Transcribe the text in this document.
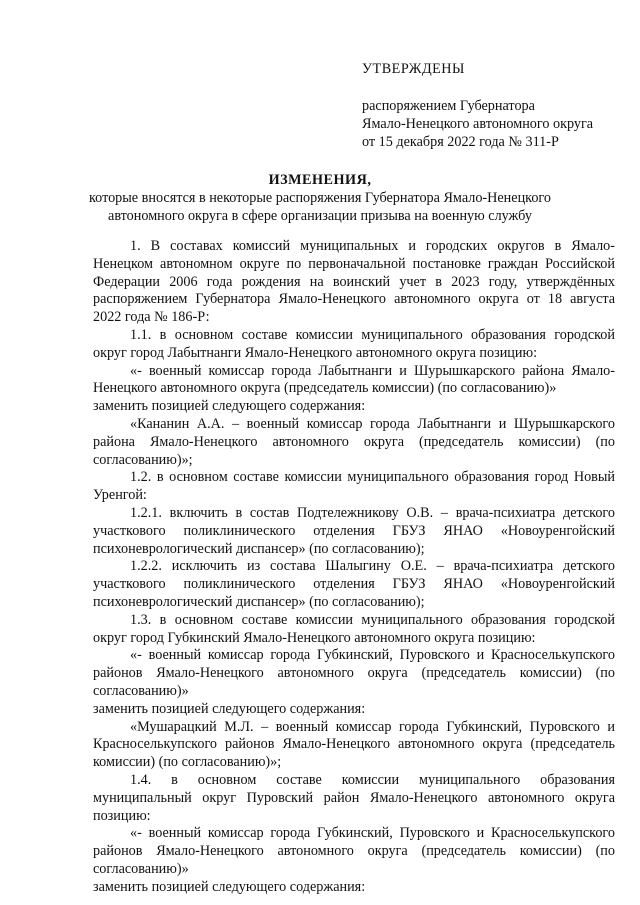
УТВЕРЖДЕНЫ
распоряжением Губернатора
Ямало-Ненецкого автономного округа
от 15 декабря 2022 года № 311-Р
ИЗМЕНЕНИЯ,
которые вносятся в некоторые распоряжения Губернатора Ямало-Ненецкого
автономного округа в сфере организации призыва на военную службу

1. В составах комиссий муниципальных и городских округов в Ямало-Ненецком автономном округе по первоначальной постановке граждан Российской Федерации 2006 года рождения на воинский учет в 2023 году, утверждённых распоряжением Губернатора Ямало-Ненецкого автономного округа от 18 августа 2022 года № 186-Р:

1.1. в основном составе комиссии муниципального образования городской округ город Лабытнанги Ямало-Ненецкого автономного округа позицию:

«- военный комиссар города Лабытнанги и Шурышкарского района Ямало-Ненецкого автономного округа (председатель комиссии) (по согласованию)»

заменить позицией следующего содержания:

«Кананин А.А. – военный комиссар города Лабытнанги и Шурышкарского района Ямало-Ненецкого автономного округа (председатель комиссии) (по согласованию)»;

1.2. в основном составе комиссии муниципального образования город Новый Уренгой:

1.2.1. включить в состав Подтележникову О.В. – врача-психиатра детского участкового поликлинического отделения ГБУЗ ЯНАО «Новоуренгойский психоневрологический диспансер» (по согласованию);

1.2.2. исключить из состава Шалыгину О.Е. – врача-психиатра детского участкового поликлинического отделения ГБУЗ ЯНАО «Новоуренгойский психоневрологический диспансер» (по согласованию);

1.3. в основном составе комиссии муниципального образования городской округ город Губкинский Ямало-Ненецкого автономного округа позицию:

«- военный комиссар города Губкинский, Пуровского и Красноселькупского районов Ямало-Ненецкого автономного округа (председатель комиссии) (по согласованию)»

заменить позицией следующего содержания:

«Мушарацкий М.Л. – военный комиссар города Губкинский, Пуровского и Красноселькупского районов Ямало-Ненецкого автономного округа (председатель комиссии) (по согласованию)»;

1.4. в основном составе комиссии муниципального образования муниципальный округ Пуровский район Ямало-Ненецкого автономного округа позицию:

«- военный комиссар города Губкинский, Пуровского и Красноселькупского районов Ямало-Ненецкого автономного округа (председатель комиссии) (по согласованию)»

заменить позицией следующего содержания:
